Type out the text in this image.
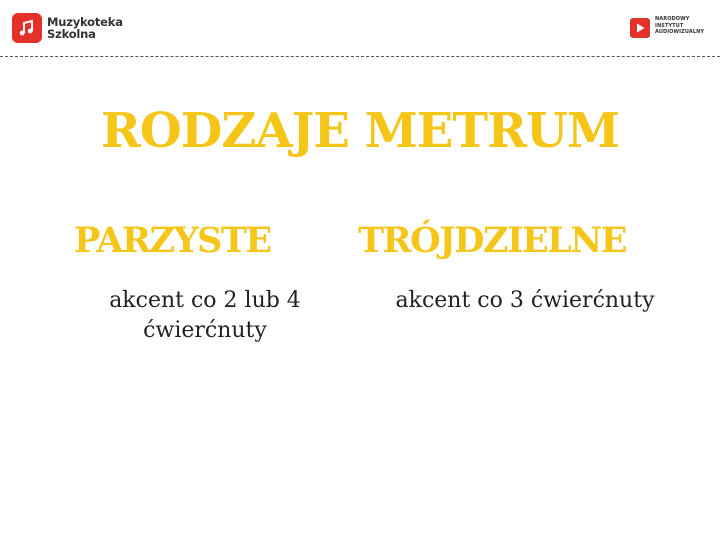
Muzykoteka
Szkolna
NARODOWY
INSTYTUT
AUDIOWIZUALNY
RODZAJE METRUM
PARZYSTE TRÓJDZIELNE
akcent co 2 lub 4
ćwierćnuty
akcent co 3 ćwierćnuty
